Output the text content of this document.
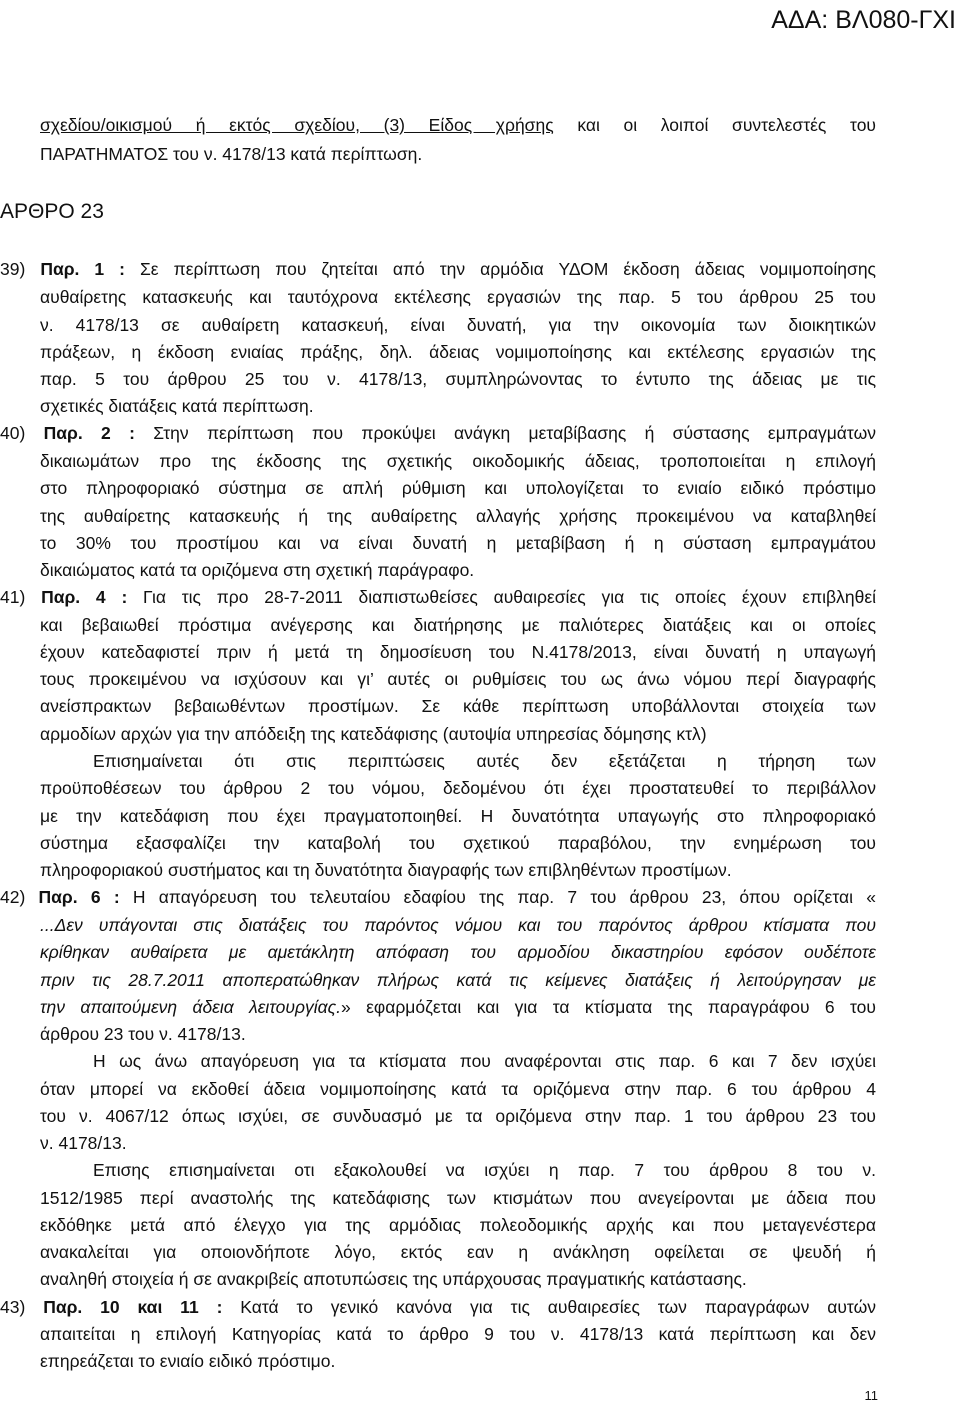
ΑΔΑ: ΒΛ080-ΓΧΙ
σχεδίου/οικισμού ή εκτός σχεδίου, (3) Είδος χρήσης και οι λοιποί συντελεστές του
ΠΑΡΑΤΗΜΑΤΟΣ του ν. 4178/13 κατά περίπτωση.
ΑΡΘΡΟ 23
39) Παρ. 1 : Σε περίπτωση που ζητείται από την αρμόδια ΥΔΟΜ έκδοση άδειας νομιμοποίησης
αυθαίρετης κατασκευής και ταυτόχρονα εκτέλεσης εργασιών της παρ. 5 του άρθρου 25 του
ν. 4178/13 σε αυθαίρετη κατασκευή, είναι δυνατή, για την οικονομία των διοικητικών
πράξεων, η έκδοση ενιαίας πράξης, δηλ. άδειας νομιμοποίησης και εκτέλεσης εργασιών της
παρ. 5 του άρθρου 25 του ν. 4178/13, συμπληρώνοντας το έντυπο της άδειας με τις
σχετικές διατάξεις κατά περίπτωση.
40) Παρ. 2 : Στην περίπτωση που προκύψει ανάγκη μεταβίβασης ή σύστασης εμπραγμάτων
δικαιωμάτων προ της έκδοσης της σχετικής οικοδομικής άδειας, τροποποιείται η επιλογή
στο πληροφοριακό σύστημα σε απλή ρύθμιση και υπολογίζεται το ενιαίο ειδικό πρόστιμο
της αυθαίρετης κατασκευής ή της αυθαίρετης αλλαγής χρήσης προκειμένου να καταβληθεί
το 30% του προστίμου και να είναι δυνατή η μεταβίβαση ή η σύσταση εμπραγμάτου
δικαιώματος κατά τα οριζόμενα στη σχετική παράγραφο.
41) Παρ. 4 : Για τις προ 28-7-2011 διαπιστωθείσες αυθαιρεσίες για τις οποίες έχουν επιβληθεί
και βεβαιωθεί πρόστιμα ανέγερσης και διατήρησης με παλιότερες διατάξεις και οι οποίες
έχουν κατεδαφιστεί πριν ή μετά τη δημοσίευση του Ν.4178/2013, είναι δυνατή η υπαγωγή
τους προκειμένου να ισχύσουν και γι’ αυτές οι ρυθμίσεις του ως άνω νόμου περί διαγραφής
ανείσπρακτων βεβαιωθέντων προστίμων. Σε κάθε περίπτωση υποβάλλονται στοιχεία των
αρμοδίων αρχών για την απόδειξη της κατεδάφισης (αυτοψία υπηρεσίας δόμησης κτλ)
Επισημαίνεται ότι στις περιπτώσεις αυτές δεν εξετάζεται η τήρηση των
προϋποθέσεων του άρθρου 2 του νόμου, δεδομένου ότι έχει προστατευθεί το περιβάλλον
με την κατεδάφιση που έχει πραγματοποιηθεί. Η δυνατότητα υπαγωγής στο πληροφοριακό
σύστημα εξασφαλίζει την καταβολή του σχετικού παραβόλου, την ενημέρωση του
πληροφοριακού συστήματος και τη δυνατότητα διαγραφής των επιβληθέντων προστίμων.
42) Παρ. 6 : Η απαγόρευση του τελευταίου εδαφίου της παρ. 7 του άρθρου 23, όπου ορίζεται «
...Δεν υπάγονται στις διατάξεις του παρόντος νόμου και του παρόντος άρθρου κτίσματα που
κρίθηκαν αυθαίρετα με αμετάκλητη απόφαση του αρμοδίου δικαστηρίου εφόσον ουδέποτε
πριν τις 28.7.2011 αποπερατώθηκαν πλήρως κατά τις κείμενες διατάξεις ή λειτούργησαν με
την απαιτούμενη άδεια λειτουργίας.» εφαρμόζεται και για τα κτίσματα της παραγράφου 6 του
άρθρου 23 του ν. 4178/13.
Η ως άνω απαγόρευση για τα κτίσματα που αναφέρονται στις παρ. 6 και 7 δεν ισχύει
όταν μπορεί να εκδοθεί άδεια νομιμοποίησης κατά τα οριζόμενα στην παρ. 6 του άρθρου 4
του ν. 4067/12 όπως ισχύει, σε συνδυασμό με τα οριζόμενα στην παρ. 1 του άρθρου 23 του
ν. 4178/13.
Επισης επισημαίνεται οτι εξακολουθεί να ισχύει η παρ. 7 του άρθρου 8 του ν.
1512/1985 περί αναστολής της κατεδάφισης των κτισμάτων που ανεγείρονται με άδεια που
εκδόθηκε μετά από έλεγχο για της αρμόδιας πολεοδομικής αρχής και που μεταγενέστερα
ανακαλείται για οποιονδήποτε λόγο, εκτός εαν η ανάκληση οφείλεται σε ψευδή ή
αναληθή στοιχεία ή σε ανακριβείς αποτυπώσεις της υπάρχουσας πραγματικής κατάστασης.
43) Παρ. 10 και 11 : Κατά το γενικό κανόνα για τις αυθαιρεσίες των παραγράφων αυτών
απαιτείται η επιλογή Κατηγορίας κατά το άρθρο 9 του ν. 4178/13 κατά περίπτωση και δεν
επηρεάζεται το ενιαίο ειδικό πρόστιμο.
11
